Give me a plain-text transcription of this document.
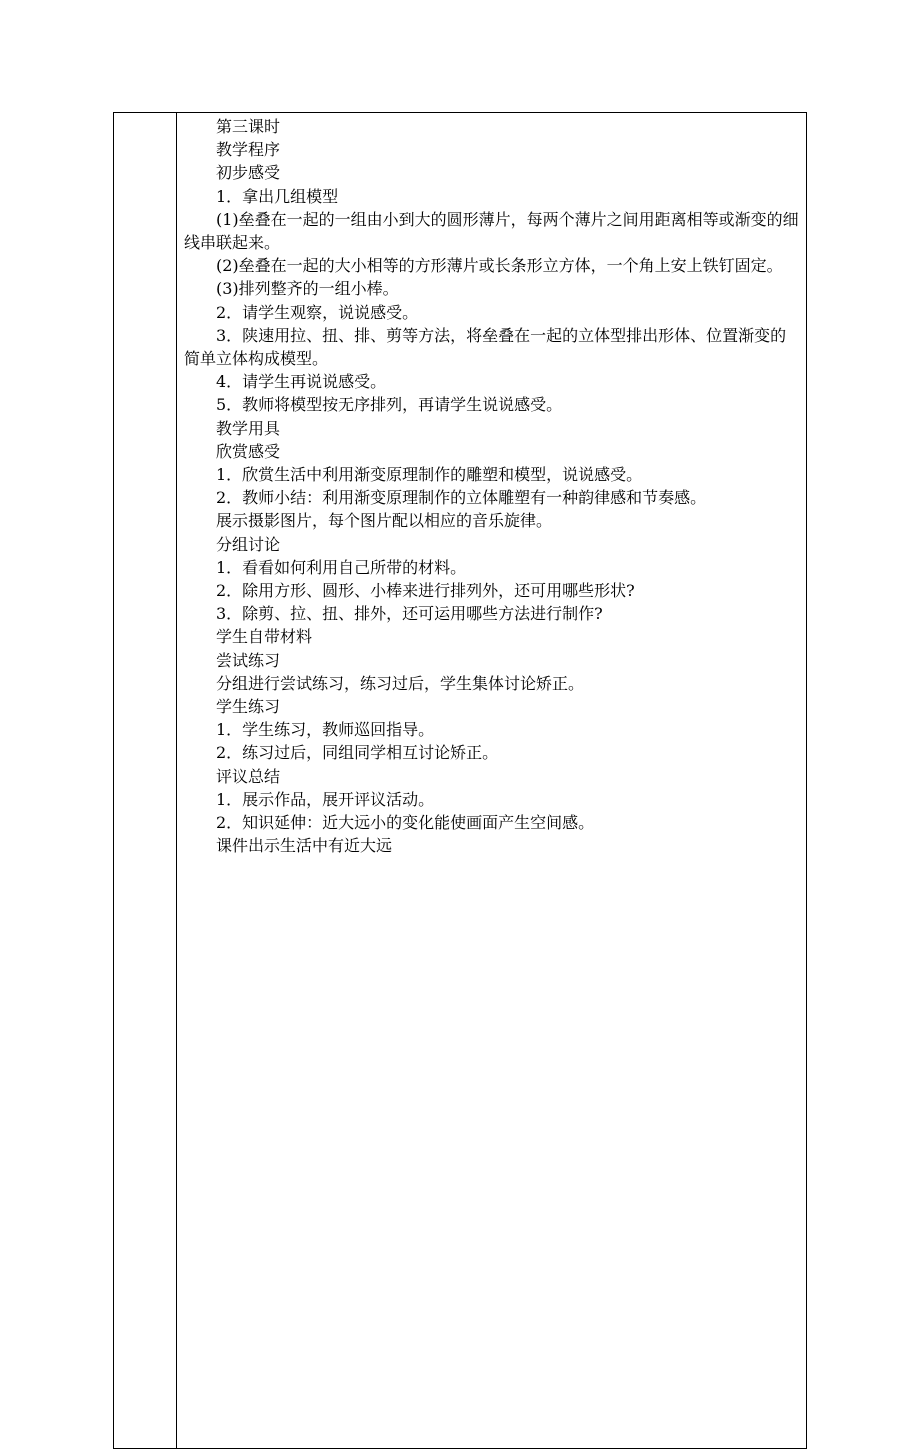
第三课时

教学程序

初步感受

1．拿出几组模型

(1)垒叠在一起的一组由小到大的圆形薄片，每两个薄片之间用距离相等或渐变的细线串联起来。

(2)垒叠在一起的大小相等的方形薄片或长条形立方体，一个角上安上铁钉固定。

(3)排列整齐的一组小棒。

2．请学生观察，说说感受。

3．陕速用拉、扭、排、剪等方法，将垒叠在一起的立体型排出形体、位置渐变的简单立体构成模型。

4．请学生再说说感受。

5．教师将模型按无序排列，再请学生说说感受。

教学用具

欣赏感受

1．欣赏生活中利用渐变原理制作的雕塑和模型，说说感受。

2．教师小结：利用渐变原理制作的立体雕塑有一种韵律感和节奏感。

展示摄影图片，每个图片配以相应的音乐旋律。

分组讨论

1．看看如何利用自己所带的材料。

2．除用方形、圆形、小棒来进行排列外，还可用哪些形状?

3．除剪、拉、扭、排外，还可运用哪些方法进行制作?

学生自带材料

尝试练习

分组进行尝试练习，练习过后，学生集体讨论矫正。

学生练习

1．学生练习，教师巡回指导。

2．练习过后，同组同学相互讨论矫正。

评议总结

1．展示作品，展开评议活动。

2．知识延伸：近大远小的变化能使画面产生空间感。

课件出示生活中有近大远
